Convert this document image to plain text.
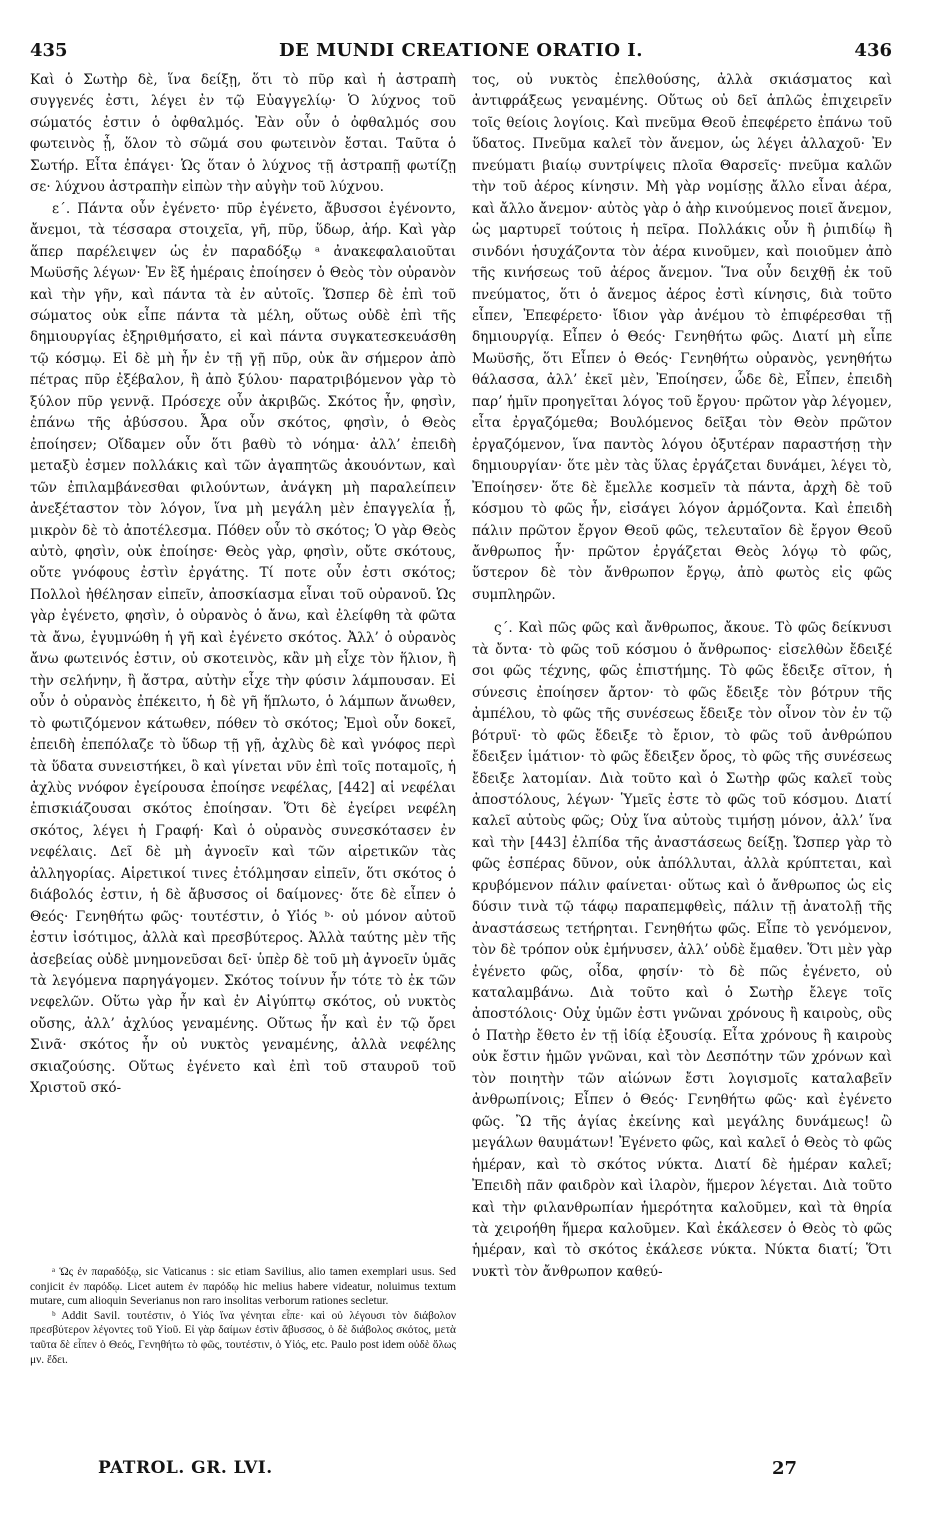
435	DE MUNDI CREATIONE ORATIO I.	436

Καὶ ὁ Σωτὴρ δὲ, ἵνα δείξῃ, ὅτι τὸ πῦρ καὶ ἡ ἀστραπὴ συγγενές ἐστι, λέγει ἐν τῷ Εὐαγγελίῳ· Ὁ λύχνος τοῦ σώματός ἐστιν ὁ ὀφθαλμός. Ἐὰν οὖν ὁ ὀφθαλμός σου φωτεινὸς ᾖ, ὅλον τὸ σῶμά σου φωτεινὸν ἔσται. Ταῦτα ὁ Σωτήρ. Εἶτα ἐπάγει· Ὡς ὅταν ὁ λύχνος τῇ ἀστραπῇ φωτίζῃ σε· λύχνου ἀστραπὴν εἰπὼν τὴν αὐγὴν τοῦ λύχνου.

ε΄. Πάντα οὖν ἐγένετο· πῦρ ἐγένετο, ἄβυσσοι ἐγένοντο, ἄνεμοι, τὰ τέσσαρα στοιχεῖα, γῆ, πῦρ, ὕδωρ, ἀήρ. Καὶ γὰρ ἅπερ παρέλειψεν ὡς ἐν παραδόξῳ ᵃ ἀνακεφαλαιοῦται Μωϋσῆς λέγων· Ἐν ἓξ ἡμέραις ἐποίησεν ὁ Θεὸς τὸν οὐρανὸν καὶ τὴν γῆν, καὶ πάντα τὰ ἐν αὐτοῖς. Ὥσπερ δὲ ἐπὶ τοῦ σώματος οὐκ εἶπε πάντα τὰ μέλη, οὕτως οὐδὲ ἐπὶ τῆς δημιουργίας ἐξηριθμήσατο, εἰ καὶ πάντα συγκατεσκευάσθη τῷ κόσμῳ. Εἰ δὲ μὴ ἦν ἐν τῇ γῇ πῦρ, οὐκ ἂν σήμερον ἀπὸ πέτρας πῦρ ἐξέβαλον, ἢ ἀπὸ ξύλου· παρατριβόμενον γὰρ τὸ ξύλον πῦρ γεννᾷ. Πρόσεχε οὖν ἀκριβῶς. Σκότος ἦν, φησὶν, ἐπάνω τῆς ἀβύσσου. Ἆρα οὖν σκότος, φησὶν, ὁ Θεὸς ἐποίησεν; Οἴδαμεν οὖν ὅτι βαθὺ τὸ νόημα· ἀλλ’ ἐπειδὴ μεταξὺ ἐσμεν πολλάκις καὶ τῶν ἀγαπητῶς ἀκουόντων, καὶ τῶν ἐπιλαμβάνεσθαι φιλούντων, ἀνάγκη μὴ παραλείπειν ἀνεξέταστον τὸν λόγον, ἵνα μὴ μεγάλη μὲν ἐπαγγελία ᾖ, μικρὸν δὲ τὸ ἀποτέλεσμα. Πόθεν οὖν τὸ σκότος; Ὁ γὰρ Θεὸς αὐτὸ, φησὶν, οὐκ ἐποίησε· Θεὸς γὰρ, φησὶν, οὔτε σκότους, οὔτε γνόφους ἐστὶν ἐργάτης. Τί ποτε οὖν ἐστι σκότος; Πολλοὶ ἠθέλησαν εἰπεῖν, ἀποσκίασμα εἶναι τοῦ οὐρανοῦ. Ὡς γὰρ ἐγένετο, φησὶν, ὁ οὐρανὸς ὁ ἄνω, καὶ ἐλείφθη τὰ φῶτα τὰ ἄνω, ἐγυμνώθη ἡ γῆ καὶ ἐγένετο σκότος. Ἀλλ’ ὁ οὐρανὸς ἄνω φωτεινός ἐστιν, οὐ σκοτεινὸς, κἂν μὴ εἶχε τὸν ἥλιον, ἢ τὴν σελήνην, ἢ ἄστρα, αὐτὴν εἶχε τὴν φύσιν λάμπουσαν. Εἰ οὖν ὁ οὐρανὸς ἐπέκειτο, ἡ δὲ γῆ ἥπλωτο, ὁ λάμπων ἄνωθεν, τὸ φωτιζόμενον κάτωθεν, πόθεν τὸ σκότος; Ἐμοὶ οὖν δοκεῖ, ἐπειδὴ ἐπεπόλαζε τὸ ὕδωρ τῇ γῇ, ἀχλὺς δὲ καὶ γνόφος περὶ τὰ ὕδατα συνειστήκει, ὃ καὶ γίνεται νῦν ἐπὶ τοῖς ποταμοῖς, ἡ ἀχλὺς ννόφον ἐγείρουσα ἐποίησε νεφέλας, [442] αἱ νεφέλαι ἐπισκιάζουσαι σκότος ἐποίησαν. Ὅτι δὲ ἐγείρει νεφέλη σκότος, λέγει ἡ Γραφή· Καὶ ὁ οὐρανὸς συνεσκότασεν ἐν νεφέλαις. Δεῖ δὲ μὴ ἀγνοεῖν καὶ τῶν αἱρετικῶν τὰς ἀλληγορίας. Αἱρετικοί τινες ἐτόλμησαν εἰπεῖν, ὅτι σκότος ὁ διάβολός ἐστιν, ἡ δὲ ἄβυσσος οἱ δαίμονες· ὅτε δὲ εἶπεν ὁ Θεός· Γενηθήτω φῶς· τουτέστιν, ὁ Υἱός ᵇ· οὐ μόνον αὐτοῦ ἐστιν ἰσότιμος, ἀλλὰ καὶ πρεσβύτερος. Ἀλλὰ ταύτης μὲν τῆς ἀσεβείας οὐδὲ μνημονεῦσαι δεῖ· ὑπὲρ δὲ τοῦ μὴ ἀγνοεῖν ὑμᾶς τὰ λεγόμενα παρηγάγομεν. Σκότος τοίνυν ἦν τότε τὸ ἐκ τῶν νεφελῶν. Οὕτω γὰρ ἦν καὶ ἐν Αἰγύπτῳ σκότος, οὐ νυκτὸς οὔσης, ἀλλ’ ἀχλύος γεναμένης. Οὕτως ἦν καὶ ἐν τῷ ὄρει Σινᾶ· σκότος ἦν οὐ νυκτὸς γεναμένης, ἀλλὰ νεφέλης σκιαζούσης. Οὕτως ἐγένετο καὶ ἐπὶ τοῦ σταυροῦ τοῦ Χριστοῦ σκό-

τος, οὐ νυκτὸς ἐπελθούσης, ἀλλὰ σκιάσματος καὶ ἀντιφράξεως γεναμένης. Οὕτως οὐ δεῖ ἁπλῶς ἐπιχειρεῖν τοῖς θείοις λογίοις. Καὶ πνεῦμα Θεοῦ ἐπεφέρετο ἐπάνω τοῦ ὕδατος. Πνεῦμα καλεῖ τὸν ἄνεμον, ὡς λέγει ἀλλαχοῦ· Ἐν πνεύματι βιαίῳ συντρίψεις πλοῖα Θαρσεῖς· πνεῦμα καλῶν τὴν τοῦ ἀέρος κίνησιν. Μὴ γὰρ νομίσῃς ἄλλο εἶναι ἀέρα, καὶ ἄλλο ἄνεμον· αὐτὸς γὰρ ὁ ἀὴρ κινούμενος ποιεῖ ἄνεμον, ὡς μαρτυρεῖ τούτοις ἡ πεῖρα. Πολλάκις οὖν ἢ ῥιπιδίῳ ἢ σινδόνι ἡσυχάζοντα τὸν ἀέρα κινοῦμεν, καὶ ποιοῦμεν ἀπὸ τῆς κινήσεως τοῦ ἀέρος ἄνεμον. Ἵνα οὖν δειχθῇ ἐκ τοῦ πνεύματος, ὅτι ὁ ἄνεμος ἀέρος ἐστὶ κίνησις, διὰ τοῦτο εἶπεν, Ἐπεφέρετο· ἴδιον γὰρ ἀνέμου τὸ ἐπιφέρεσθαι τῇ δημιουργίᾳ. Εἶπεν ὁ Θεός· Γενηθήτω φῶς. Διατί μὴ εἶπε Μωϋσῆς, ὅτι Εἶπεν ὁ Θεός· Γενηθήτω οὐρανὸς, γενηθήτω θάλασσα, ἀλλ’ ἐκεῖ μὲν, Ἐποίησεν, ὧδε δὲ, Εἶπεν, ἐπειδὴ παρ’ ἡμῖν προηγεῖται λόγος τοῦ ἔργου· πρῶτον γὰρ λέγομεν, εἶτα ἐργαζόμεθα; Βουλόμενος δεῖξαι τὸν Θεὸν πρῶτον ἐργαζόμενον, ἵνα παντὸς λόγου ὀξυτέραν παραστήσῃ τὴν δημιουργίαν· ὅτε μὲν τὰς ὕλας ἐργάζεται δυνάμει, λέγει τὸ, Ἐποίησεν· ὅτε δὲ ἔμελλε κοσμεῖν τὰ πάντα, ἀρχὴ δὲ τοῦ κόσμου τὸ φῶς ἦν, εἰσάγει λόγον ἁρμόζοντα. Καὶ ἐπειδὴ πάλιν πρῶτον ἔργον Θεοῦ φῶς, τελευταῖον δὲ ἔργον Θεοῦ ἄνθρωπος ἦν· πρῶτον ἐργάζεται Θεὸς λόγῳ τὸ φῶς, ὕστερον δὲ τὸν ἄνθρωπον ἔργῳ, ἀπὸ φωτὸς εἰς φῶς συμπληρῶν.

ς΄. Καὶ πῶς φῶς καὶ ἄνθρωπος, ἄκουε. Τὸ φῶς δείκνυσι τὰ ὄντα· τὸ φῶς τοῦ κόσμου ὁ ἄνθρωπος· εἰσελθὼν ἔδειξέ σοι φῶς τέχνης, φῶς ἐπιστήμης. Τὸ φῶς ἔδειξε σῖτον, ἡ σύνεσις ἐποίησεν ἄρτον· τὸ φῶς ἔδειξε τὸν βότρυν τῆς ἀμπέλου, τὸ φῶς τῆς συνέσεως ἔδειξε τὸν οἶνον τὸν ἐν τῷ βότρυϊ· τὸ φῶς ἔδειξε τὸ ἔριον, τὸ φῶς τοῦ ἀνθρώπου ἔδειξεν ἱμάτιον· τὸ φῶς ἔδειξεν ὄρος, τὸ φῶς τῆς συνέσεως ἔδειξε λατομίαν. Διὰ τοῦτο καὶ ὁ Σωτὴρ φῶς καλεῖ τοὺς ἀποστόλους, λέγων· Ὑμεῖς ἐστε τὸ φῶς τοῦ κόσμου. Διατί καλεῖ αὐτοὺς φῶς; Οὐχ ἵνα αὐτοὺς τιμήσῃ μόνον, ἀλλ’ ἵνα καὶ τὴν [443] ἐλπίδα τῆς ἀναστάσεως δείξῃ. Ὥσπερ γὰρ τὸ φῶς ἑσπέρας δῦνον, οὐκ ἀπόλλυται, ἀλλὰ κρύπτεται, καὶ κρυβόμενον πάλιν φαίνεται· οὕτως καὶ ὁ ἄνθρωπος ὡς εἰς δύσιν τινὰ τῷ τάφῳ παραπεμφθεὶς, πάλιν τῇ ἀνατολῇ τῆς ἀναστάσεως τετήρηται. Γενηθήτω φῶς. Εἶπε τὸ γενόμενον, τὸν δὲ τρόπον οὐκ ἐμήνυσεν, ἀλλ’ οὐδὲ ἔμαθεν. Ὅτι μὲν γὰρ ἐγένετο φῶς, οἶδα, φησίν· τὸ δὲ πῶς ἐγένετο, οὐ καταλαμβάνω. Διὰ τοῦτο καὶ ὁ Σωτὴρ ἔλεγε τοῖς ἀποστόλοις· Οὐχ ὑμῶν ἐστι γνῶναι χρόνους ἢ καιροὺς, οὓς ὁ Πατὴρ ἔθετο ἐν τῇ ἰδίᾳ ἐξουσίᾳ. Εἶτα χρόνους ἢ καιροὺς οὐκ ἔστιν ἡμῶν γνῶναι, καὶ τὸν Δεσπότην τῶν χρόνων καὶ τὸν ποιητὴν τῶν αἰώνων ἔστι λογισμοῖς καταλαβεῖν ἀνθρωπίνοις; Εἶπεν ὁ Θεός· Γενηθήτω φῶς· καὶ ἐγένετο φῶς. Ὢ τῆς ἁγίας ἐκείνης καὶ μεγάλης δυνάμεως! ὢ μεγάλων θαυμάτων! Ἐγένετο φῶς, καὶ καλεῖ ὁ Θεὸς τὸ φῶς ἡμέραν, καὶ τὸ σκότος νύκτα. Διατί δὲ ἡμέραν καλεῖ; Ἐπειδὴ πᾶν φαιδρὸν καὶ ἱλαρὸν, ἥμερον λέγεται. Διὰ τοῦτο καὶ τὴν φιλανθρωπίαν ἡμερότητα καλοῦμεν, καὶ τὰ θηρία τὰ χειροήθη ἥμερα καλοῦμεν. Καὶ ἐκάλεσεν ὁ Θεὸς τὸ φῶς ἡμέραν, καὶ τὸ σκότος ἐκάλεσε νύκτα. Νύκτα διατί; Ὅτι νυκτὶ τὸν ἄνθρωπον καθεύ-

ᵃ Ὡς ἐν παραδόξῳ, sic Vaticanus : sic etiam Savilius, alio tamen exemplari usus. Sed conjicit ἐν παρόδῳ. Licet autem ἐν παρόδῳ hic melius habere videatur, noluimus textum mutare, cum alioquin Severianus non raro insolitas verborum rationes secletur.

ᵇ Addit Savil. τουτέστιν, ὁ Υἱός ἵνα γένηται εἶπε· καὶ οὐ λέγουσι τὸν διάβολον πρεσβύτερον λέγοντες τοῦ Υἱοῦ. Εἰ γὰρ δαίμων ἐστὶν ἄβυσσος, ὁ δὲ διάβολος σκότος, μετὰ ταῦτα δὲ εἶπεν ὁ Θεός, Γενηθήτω τὸ φῶς, τουτέστιν, ὁ Υἱός, etc. Paulo post idem οὐδὲ ὅλως μν. ἔδει.

PATROL. GR. LVI.	27
